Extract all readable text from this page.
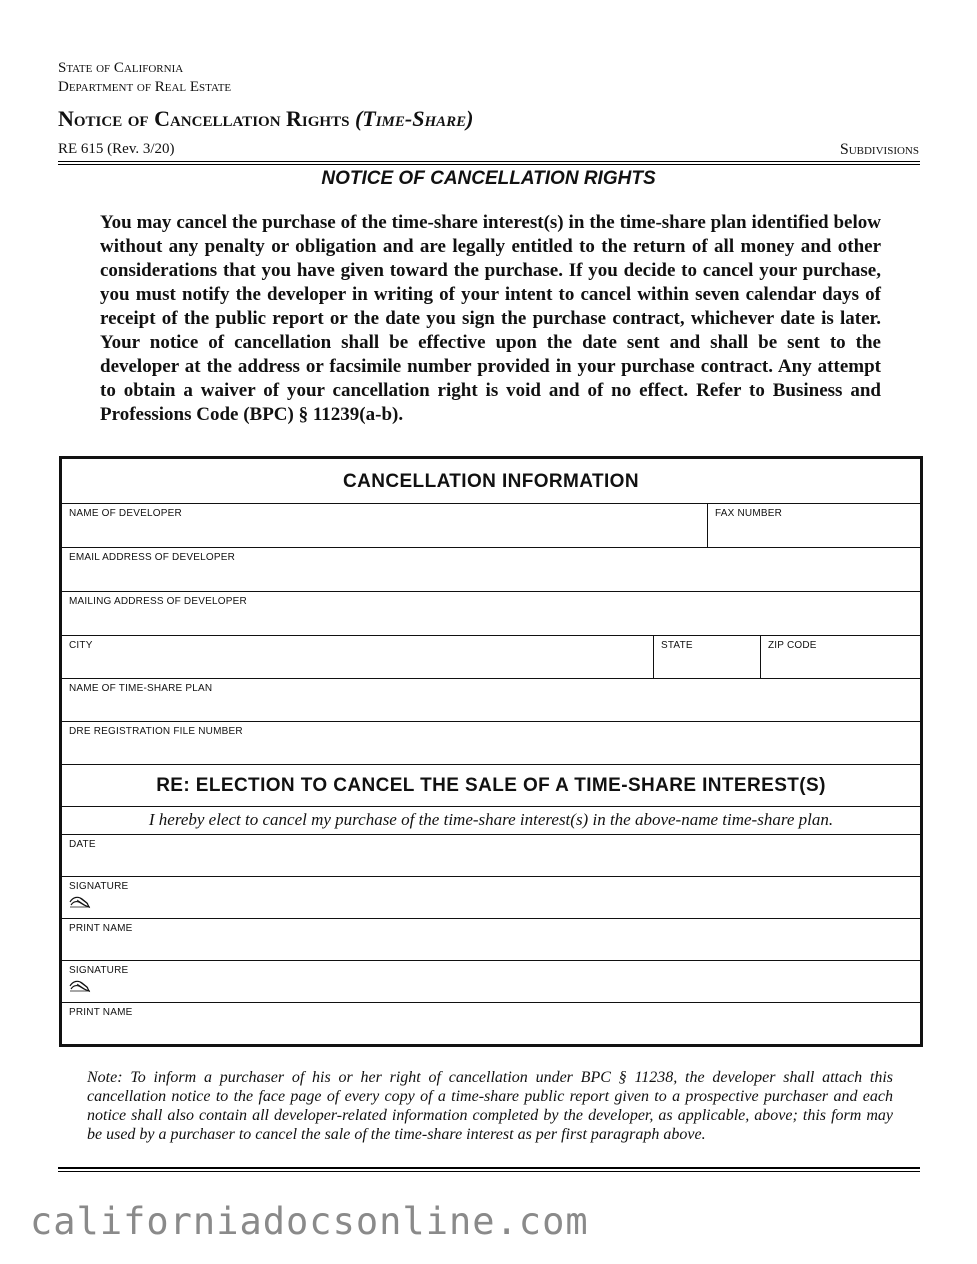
State of California
Department of Real Estate
Notice of Cancellation Rights (Time-Share)
RE 615 (Rev. 3/20)	Subdivisions
NOTICE OF CANCELLATION RIGHTS
You may cancel the purchase of the time-share interest(s) in the time-share plan identified below without any penalty or obligation and are legally entitled to the return of all money and other considerations that you have given toward the purchase. If you decide to cancel your purchase, you must notify the developer in writing of your intent to cancel within seven calendar days of receipt of the public report or the date you sign the purchase contract, whichever date is later. Your notice of cancellation shall be effective upon the date sent and shall be sent to the developer at the address or facsimile number provided in your purchase contract. Any attempt to obtain a waiver of your cancellation right is void and of no effect. Refer to Business and Professions Code (BPC) § 11239(a-b).
CANCELLATION INFORMATION
NAME OF DEVELOPER	FAX NUMBER
EMAIL ADDRESS OF DEVELOPER
MAILING ADDRESS OF DEVELOPER
CITY	STATE	ZIP CODE
NAME OF TIME-SHARE PLAN
DRE REGISTRATION FILE NUMBER
RE: ELECTION TO CANCEL THE SALE OF A TIME-SHARE INTEREST(S)
I hereby elect to cancel my purchase of the time-share interest(s) in the above-name time-share plan.
DATE
SIGNATURE
PRINT NAME
SIGNATURE
PRINT NAME
Note: To inform a purchaser of his or her right of cancellation under BPC § 11238, the developer shall attach this cancellation notice to the face page of every copy of a time-share public report given to a prospective purchaser and each notice shall also contain all developer-related information completed by the developer, as applicable, above; this form may be used by a purchaser to cancel the sale of the time-share interest as per first paragraph above.
californiadocsonline.com
